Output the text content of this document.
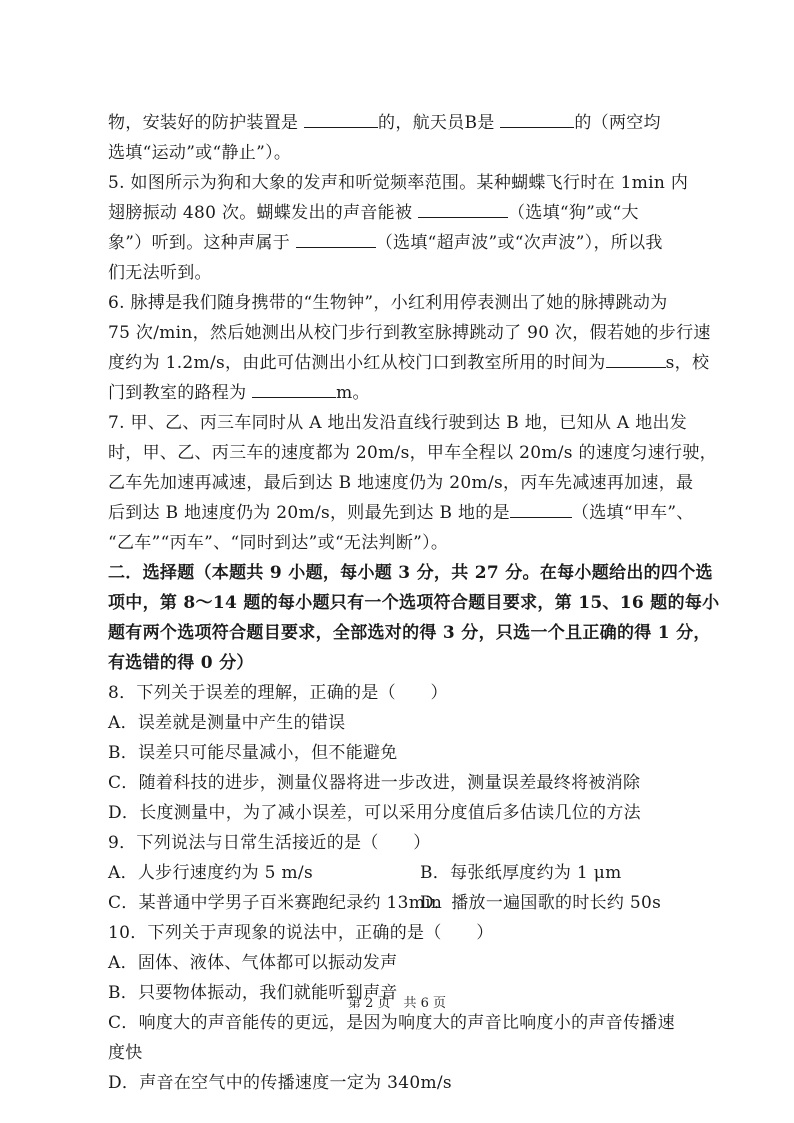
物，安装好的防护装置是	的，航天员B是	的（两空均
选填“运动”或“静止”）。
5. 如图所示为狗和大象的发声和听觉频率范围。某种蝴蝶飞行时在 1min 内
翅膀振动 480 次。蝴蝶发出的声音能被	（选填“狗”或“大
象”）听到。这种声属于	（选填“超声波”或“次声波”），所以我
们无法听到。
6. 脉搏是我们随身携带的“生物钟”，小红利用停表测出了她的脉搏跳动为
75 次/min，然后她测出从校门步行到教室脉搏跳动了 90 次，假若她的步行速
度约为 1.2m/s，由此可估测出小红从校门口到教室所用的时间为	s，校
门到教室的路程为	m。
7. 甲、乙、丙三车同时从 A 地出发沿直线行驶到达 B 地，已知从 A 地出发
时，甲、乙、丙三车的速度都为 20m/s，甲车全程以 20m/s 的速度匀速行驶，
乙车先加速再减速，最后到达 B 地速度仍为 20m/s，丙车先减速再加速，最
后到达 B 地速度仍为 20m/s，则最先到达 B 地的是	（选填“甲车”、
“乙车”“丙车”、“同时到达”或“无法判断”）。
二．选择题（本题共 9 小题，每小题 3 分，共 27 分。在每小题给出的四个选
项中，第 8～14 题的每小题只有一个选项符合题目要求，第 15、16 题的每小
题有两个选项符合题目要求，全部选对的得 3 分，只选一个且正确的得 1 分，
有选错的得 0 分）
8．下列关于误差的理解，正确的是（　　）
A．误差就是测量中产生的错误
B．误差只可能尽量减小，但不能避免
C．随着科技的进步，测量仪器将进一步改进，测量误差最终将被消除
D．长度测量中，为了减小误差，可以采用分度值后多估读几位的方法
9．下列说法与日常生活接近的是（　　）
A．人步行速度约为 5 m/s	B．每张纸厚度约为 1 μm
C．某普通中学男子百米赛跑纪录约 13minD．播放一遍国歌的时长约 50s
10．下列关于声现象的说法中，正确的是（　　）
A．固体、液体、气体都可以振动发声
B．只要物体振动，我们就能听到声音
C．响度大的声音能传的更远，是因为响度大的声音比响度小的声音传播速
度快
D．声音在空气中的传播速度一定为 340m/s
第 2 页　共 6 页
